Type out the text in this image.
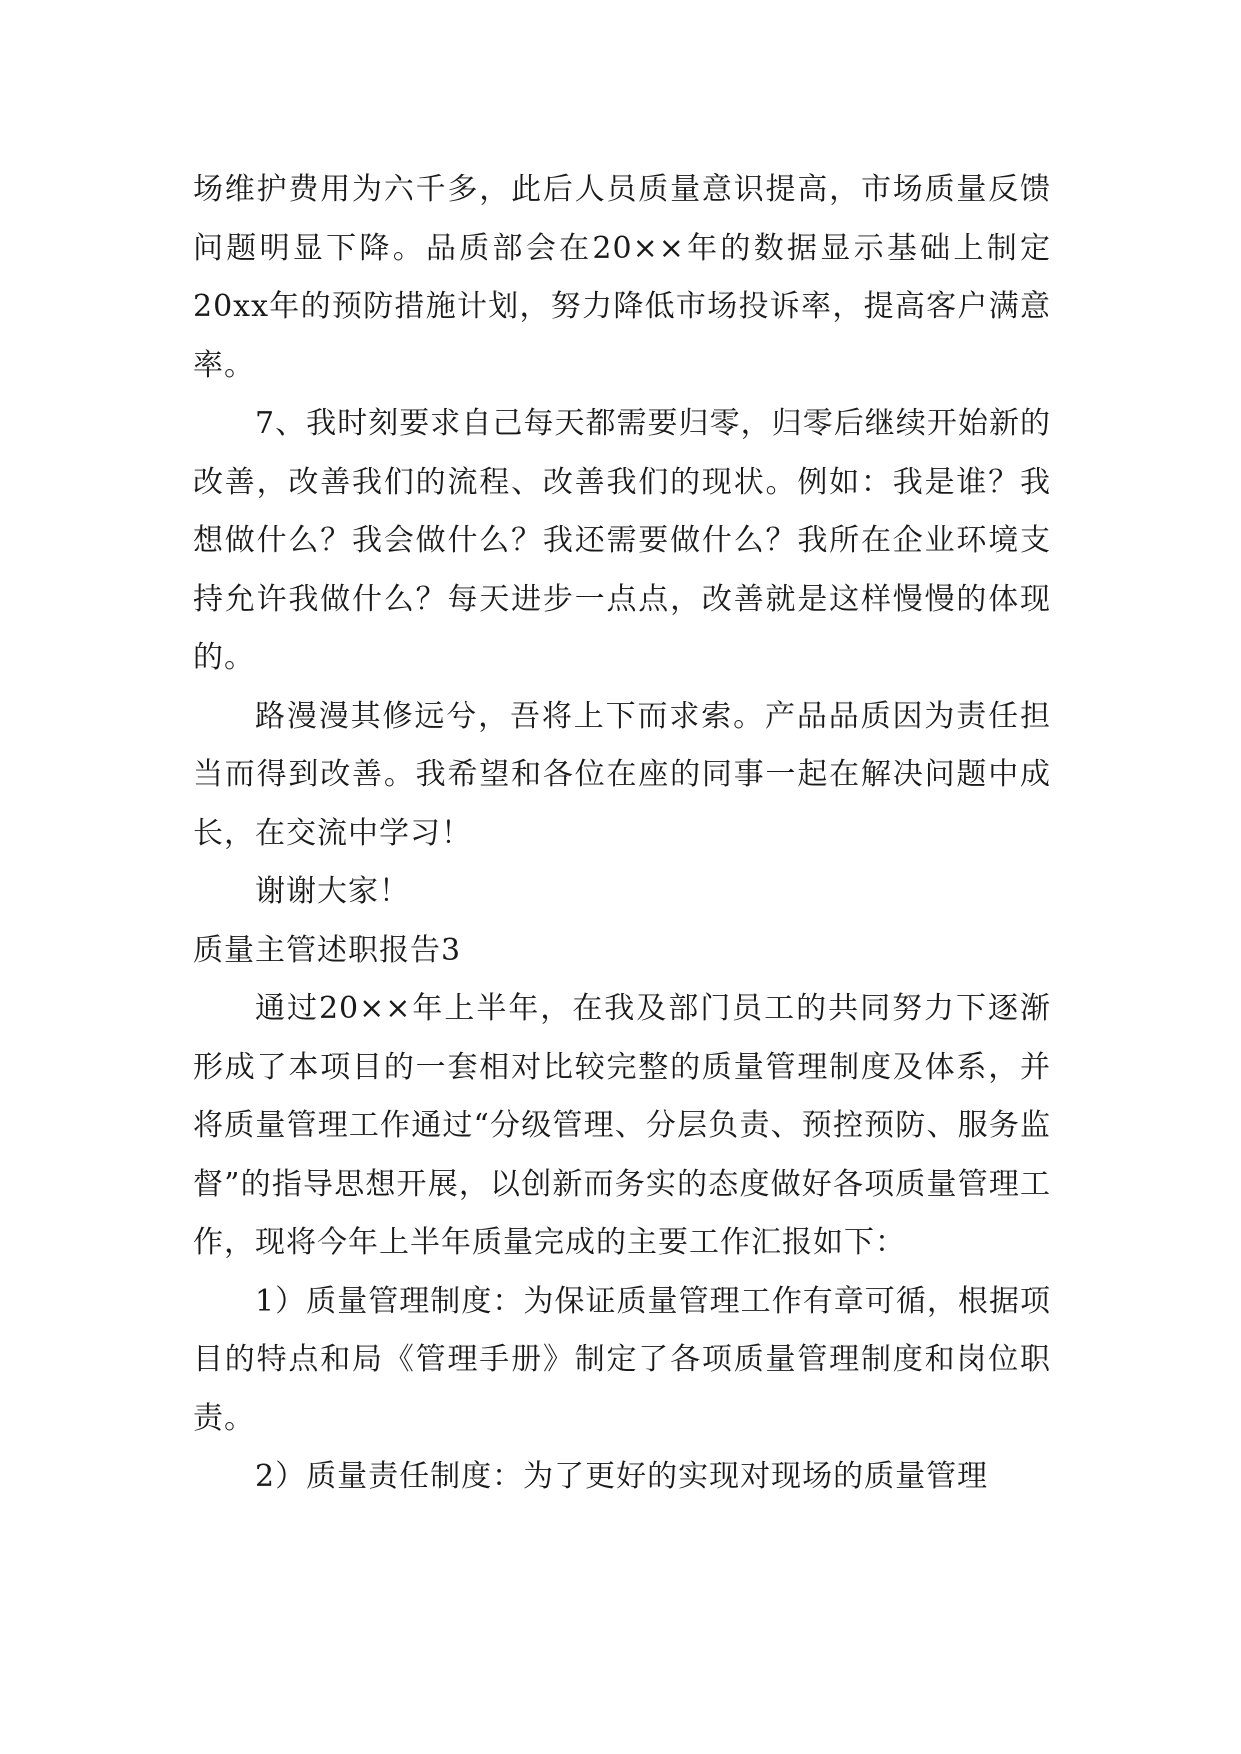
场维护费用为六千多，此后人员质量意识提高，市场质量反馈问题明显下降。品质部会在20××年的数据显示基础上制定20xx年的预防措施计划，努力降低市场投诉率，提高客户满意率。

7、我时刻要求自己每天都需要归零，归零后继续开始新的改善，改善我们的流程、改善我们的现状。例如：我是谁？我想做什么？我会做什么？我还需要做什么？我所在企业环境支持允许我做什么？每天进步一点点，改善就是这样慢慢的体现的。

路漫漫其修远兮，吾将上下而求索。产品品质因为责任担当而得到改善。我希望和各位在座的同事一起在解决问题中成长，在交流中学习！

谢谢大家！

质量主管述职报告3

通过20××年上半年，在我及部门员工的共同努力下逐渐形成了本项目的一套相对比较完整的质量管理制度及体系，并将质量管理工作通过“分级管理、分层负责、预控预防、服务监督”的指导思想开展，以创新而务实的态度做好各项质量管理工作，现将今年上半年质量完成的主要工作汇报如下：

1）质量管理制度：为保证质量管理工作有章可循，根据项目的特点和局《管理手册》制定了各项质量管理制度和岗位职责。

2）质量责任制度：为了更好的实现对现场的质量管理
